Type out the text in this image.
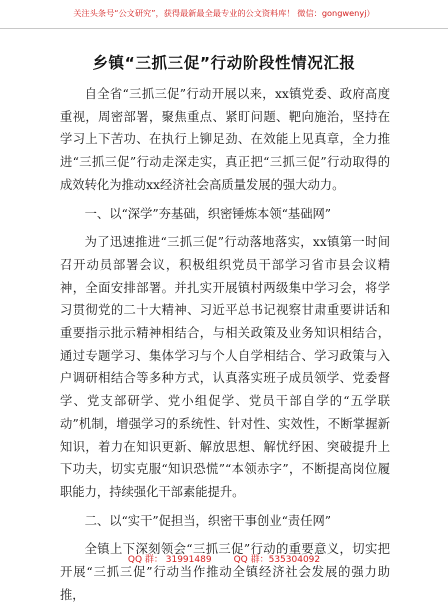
关注头条号“公文研究”，获得最新最全最专业的公文资料库！ 微信：gongwenyj）
乡镇“三抓三促”行动阶段性情况汇报

自全省“三抓三促”行动开展以来，xx镇党委、政府高度重视，周密部署，聚焦重点、紧盯问题、靶向施治，坚持在学习上下苦功、在执行上铆足劲、在效能上见真章，全力推进“三抓三促”行动走深走实，真正把“三抓三促”行动取得的成效转化为推动xx经济社会高质量发展的强大动力。

一、以“深学”夯基础，织密锤炼本领“基础网”

为了迅速推进“三抓三促”行动落地落实，xx镇第一时间召开动员部署会议，积极组织党员干部学习省市县会议精神，全面安排部署。并扎实开展镇村两级集中学习会，将学习贯彻党的二十大精神、习近平总书记视察甘肃重要讲话和重要指示批示精神相结合，与相关政策及业务知识相结合，通过专题学习、集体学习与个人自学相结合、学习政策与入户调研相结合等多种方式，认真落实班子成员领学、党委督学、党支部研学、党小组促学、党员干部自学的“五学联动”机制，增强学习的系统性、针对性、实效性，不断掌握新知识，着力在知识更新、解放思想、解忧纾困、突破提升上下功夫，切实克服“知识恐慌”“本领赤字”，不断提高岗位履职能力，持续强化干部素能提升。

二、以“实干”促担当，织密干事创业“责任网”

全镇上下深刻领会“三抓三促”行动的重要意义，切实把开展“三抓三促”行动当作推动全镇经济社会发展的强力助推，

QQ 群： 31991489 QQ 群：535304092
